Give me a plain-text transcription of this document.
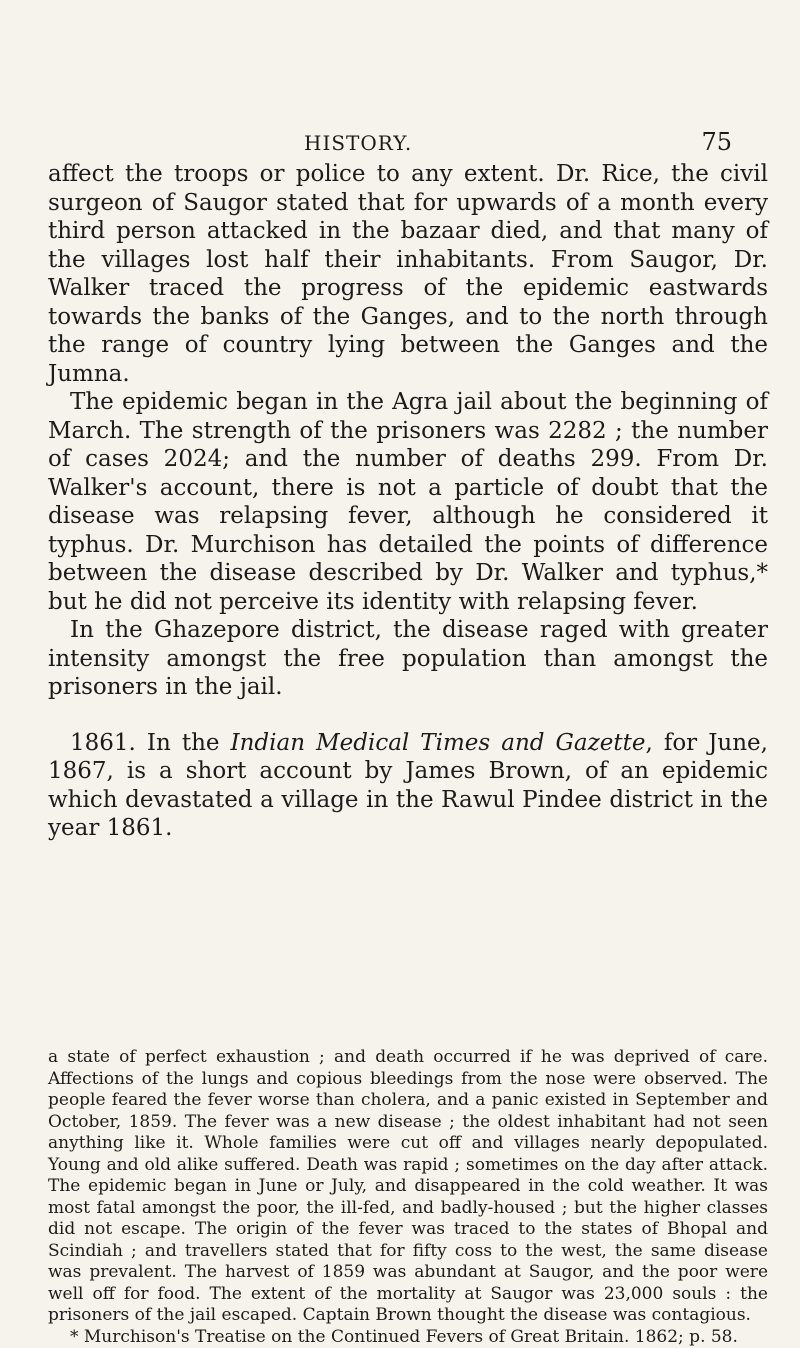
HISTORY.	75

affect the troops or police to any extent. Dr. Rice, the civil surgeon of Saugor stated that for upwards of a month every third person attacked in the bazaar died, and that many of the villages lost half their inhabitants. From Saugor, Dr. Walker traced the progress of the epidemic eastwards towards the banks of the Ganges, and to the north through the range of country lying between the Ganges and the Jumna.

The epidemic began in the Agra jail about the beginning of March. The strength of the prisoners was 2282 ; the number of cases 2024; and the number of deaths 299. From Dr. Walker's account, there is not a particle of doubt that the disease was relapsing fever, although he considered it typhus. Dr. Murchison has detailed the points of difference between the disease described by Dr. Walker and typhus,* but he did not perceive its identity with relapsing fever.

In the Ghazepore district, the disease raged with greater intensity amongst the free population than amongst the prisoners in the jail.

1861. In the Indian Medical Times and Gazette, for June, 1867, is a short account by James Brown, of an epidemic which devastated a village in the Rawul Pindee district in the year 1861.

a state of perfect exhaustion ; and death occurred if he was deprived of care. Affections of the lungs and copious bleedings from the nose were observed. The people feared the fever worse than cholera, and a panic existed in September and October, 1859. The fever was a new disease ; the oldest inhabitant had not seen anything like it. Whole families were cut off and villages nearly depopulated. Young and old alike suffered. Death was rapid ; sometimes on the day after attack. The epidemic began in June or July, and disappeared in the cold weather. It was most fatal amongst the poor, the ill-fed, and badly-housed ; but the higher classes did not escape. The origin of the fever was traced to the states of Bhopal and Scindiah ; and travellers stated that for fifty coss to the west, the same disease was prevalent. The harvest of 1859 was abundant at Saugor, and the poor were well off for food. The extent of the mortality at Saugor was 23,000 souls : the prisoners of the jail escaped. Captain Brown thought the disease was contagious.

* Murchison's Treatise on the Continued Fevers of Great Britain. 1862; p. 58.
